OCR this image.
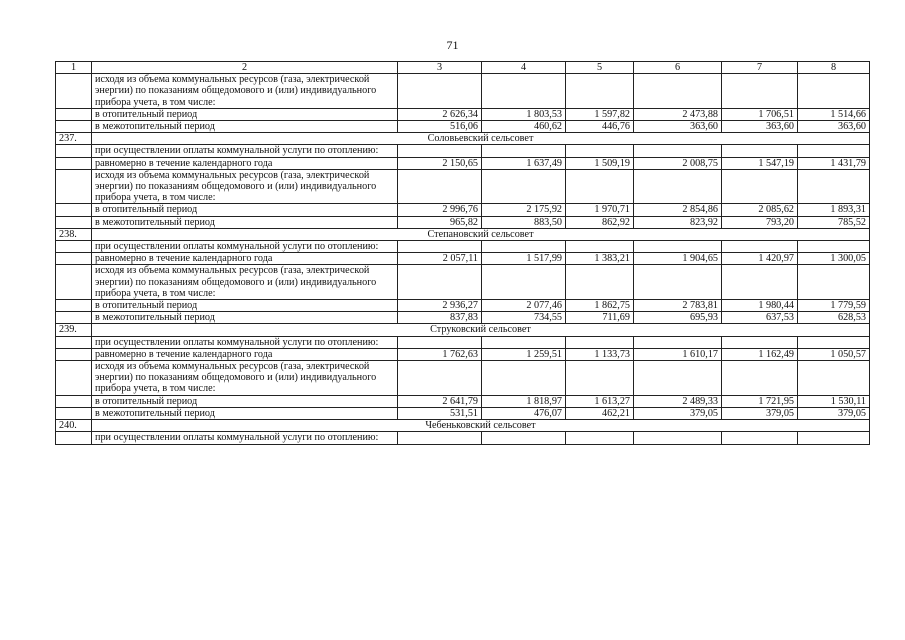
71
1	2	3	4	5	6	7	8
	исходя из объема коммунальных ресурсов (газа, электрической энергии) по показаниям общедомового и (или) индивидуального прибора учета, в том числе:						
	в отопительный период	2 626,34	1 803,53	1 597,82	2 473,88	1 706,51	1 514,66
	в межотопительный период	516,06	460,62	446,76	363,60	363,60	363,60
237.	Соловьевский сельсовет						
	при осуществлении оплаты коммунальной услуги по отоплению:						
	равномерно в течение календарного года	2 150,65	1 637,49	1 509,19	2 008,75	1 547,19	1 431,79
	исходя из объема коммунальных ресурсов (газа, электрической энергии) по показаниям общедомового и (или) индивидуального прибора учета, в том числе:						
	в отопительный период	2 996,76	2 175,92	1 970,71	2 854,86	2 085,62	1 893,31
	в межотопительный период	965,82	883,50	862,92	823,92	793,20	785,52
238.	Степановский сельсовет						
	при осуществлении оплаты коммунальной услуги по отоплению:						
	равномерно в течение календарного года	2 057,11	1 517,99	1 383,21	1 904,65	1 420,97	1 300,05
	исходя из объема коммунальных ресурсов (газа, электрической энергии) по показаниям общедомового и (или) индивидуального прибора учета, в том числе:						
	в отопительный период	2 936,27	2 077,46	1 862,75	2 783,81	1 980,44	1 779,59
	в межотопительный период	837,83	734,55	711,69	695,93	637,53	628,53
239.	Струковский сельсовет						
	при осуществлении оплаты коммунальной услуги по отоплению:						
	равномерно в течение календарного года	1 762,63	1 259,51	1 133,73	1 610,17	1 162,49	1 050,57
	исходя из объема коммунальных ресурсов (газа, электрической энергии) по показаниям общедомового и (или) индивидуального прибора учета, в том числе:						
	в отопительный период	2 641,79	1 818,97	1 613,27	2 489,33	1 721,95	1 530,11
	в межотопительный период	531,51	476,07	462,21	379,05	379,05	379,05
240.	Чебеньковский сельсовет						
	при осуществлении оплаты коммунальной услуги по отоплению:						
